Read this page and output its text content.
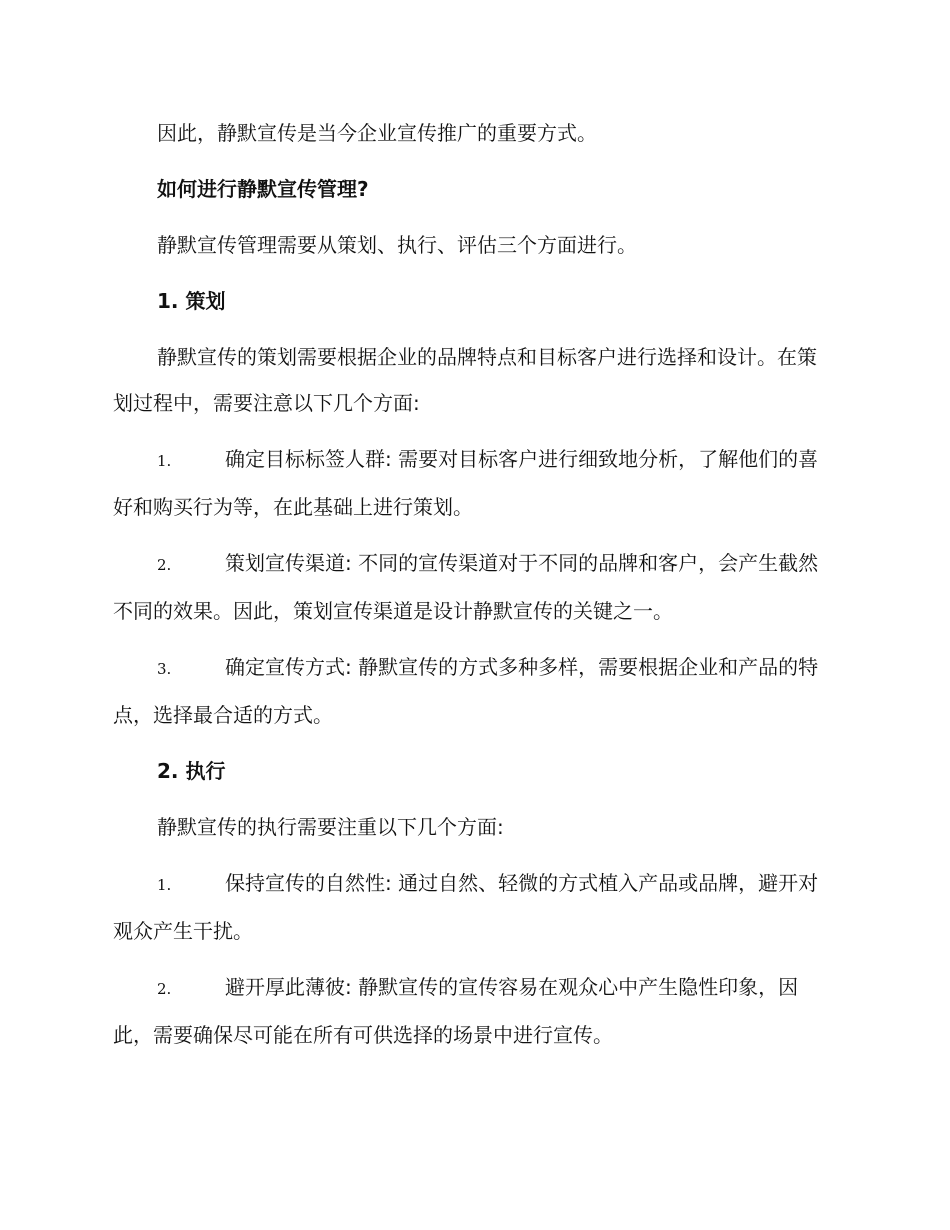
因此，静默宣传是当今企业宣传推广的重要方式。

如何进行静默宣传管理?

静默宣传管理需要从策划、执行、评估三个方面进行。

1. 策划

静默宣传的策划需要根据企业的品牌特点和目标客户进行选择和设计。在策划过程中，需要注意以下几个方面:

1.	确定目标标签人群: 需要对目标客户进行细致地分析，了解他们的喜好和购买行为等，在此基础上进行策划。

2.	策划宣传渠道: 不同的宣传渠道对于不同的品牌和客户，会产生截然不同的效果。因此，策划宣传渠道是设计静默宣传的关键之一。

3.	确定宣传方式: 静默宣传的方式多种多样，需要根据企业和产品的特点，选择最合适的方式。

2. 执行

静默宣传的执行需要注重以下几个方面:

1.	保持宣传的自然性: 通过自然、轻微的方式植入产品或品牌，避开对观众产生干扰。

2.	避开厚此薄彼: 静默宣传的宣传容易在观众心中产生隐性印象，因此，需要确保尽可能在所有可供选择的场景中进行宣传。
